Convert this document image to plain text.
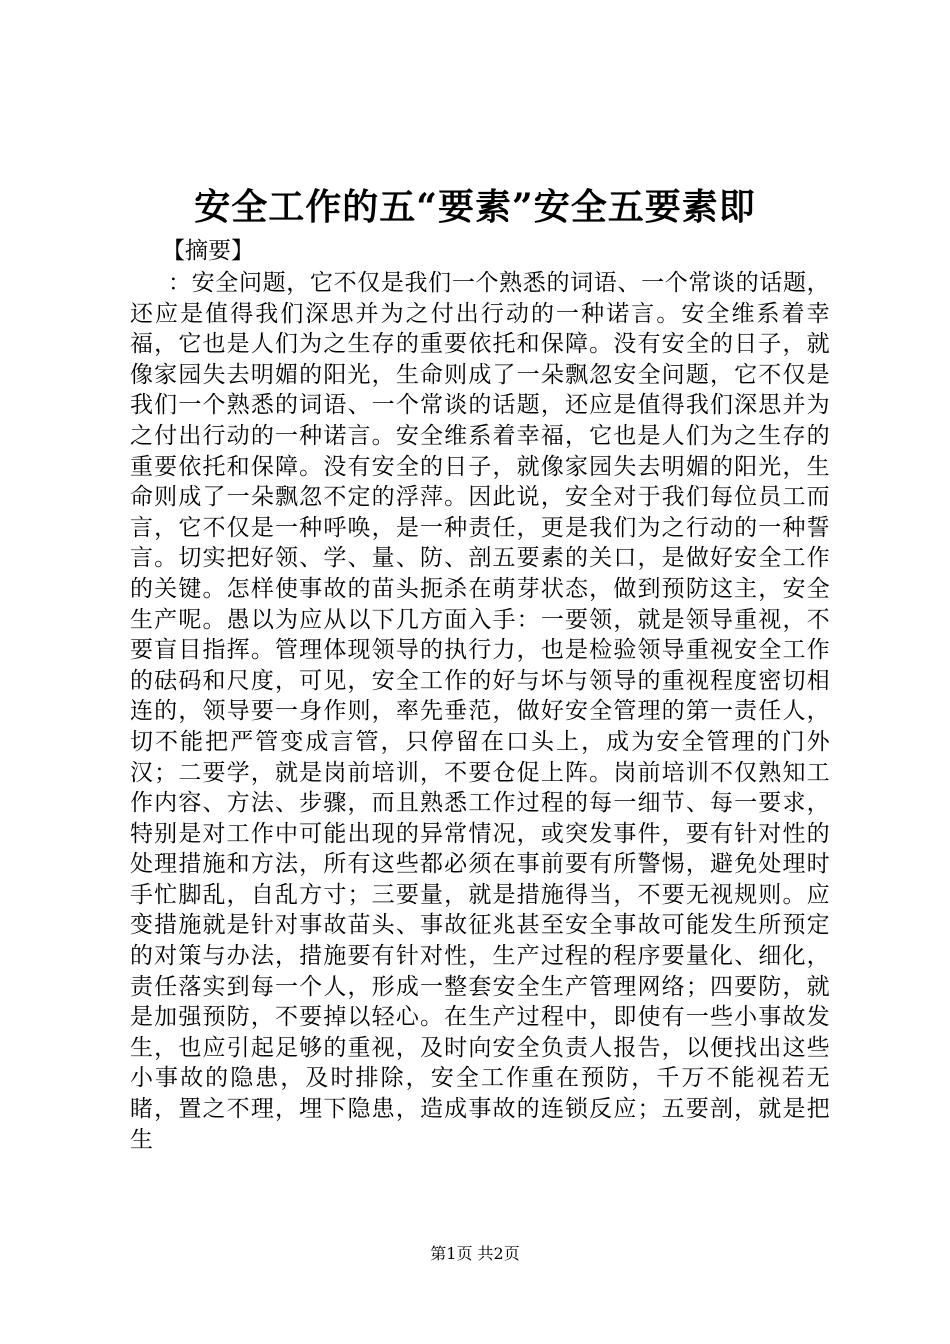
安全工作的五“要素”安全五要素即

【摘要】

：安全问题，它不仅是我们一个熟悉的词语、一个常谈的话题，还应是值得我们深思并为之付出行动的一种诺言。安全维系着幸福，它也是人们为之生存的重要依托和保障。没有安全的日子，就像家园失去明媚的阳光，生命则成了一朵飘忽安全问题，它不仅是我们一个熟悉的词语、一个常谈的话题，还应是值得我们深思并为之付出行动的一种诺言。安全维系着幸福，它也是人们为之生存的重要依托和保障。没有安全的日子，就像家园失去明媚的阳光，生命则成了一朵飘忽不定的浮萍。因此说，安全对于我们每位员工而言，它不仅是一种呼唤，是一种责任，更是我们为之行动的一种誓言。切实把好领、学、量、防、剖五要素的关口，是做好安全工作的关键。怎样使事故的苗头扼杀在萌芽状态，做到预防这主，安全生产呢。愚以为应从以下几方面入手：一要领，就是领导重视，不要盲目指挥。管理体现领导的执行力，也是检验领导重视安全工作的砝码和尺度，可见，安全工作的好与坏与领导的重视程度密切相连的，领导要一身作则，率先垂范，做好安全管理的第一责任人，切不能把严管变成言管，只停留在口头上，成为安全管理的门外汉；二要学，就是岗前培训，不要仓促上阵。岗前培训不仅熟知工作内容、方法、步骤，而且熟悉工作过程的每一细节、每一要求，特别是对工作中可能出现的异常情况，或突发事件，要有针对性的处理措施和方法，所有这些都必须在事前要有所警惕，避免处理时手忙脚乱，自乱方寸；三要量，就是措施得当，不要无视规则。应变措施就是针对事故苗头、事故征兆甚至安全事故可能发生所预定的对策与办法，措施要有针对性，生产过程的程序要量化、细化，责任落实到每一个人，形成一整套安全生产管理网络；四要防，就是加强预防，不要掉以轻心。在生产过程中，即使有一些小事故发生，也应引起足够的重视，及时向安全负责人报告，以便找出这些小事故的隐患，及时排除，安全工作重在预防，千万不能视若无睹，置之不理，埋下隐患，造成事故的连锁反应；五要剖，就是把生

第1页 共2页
